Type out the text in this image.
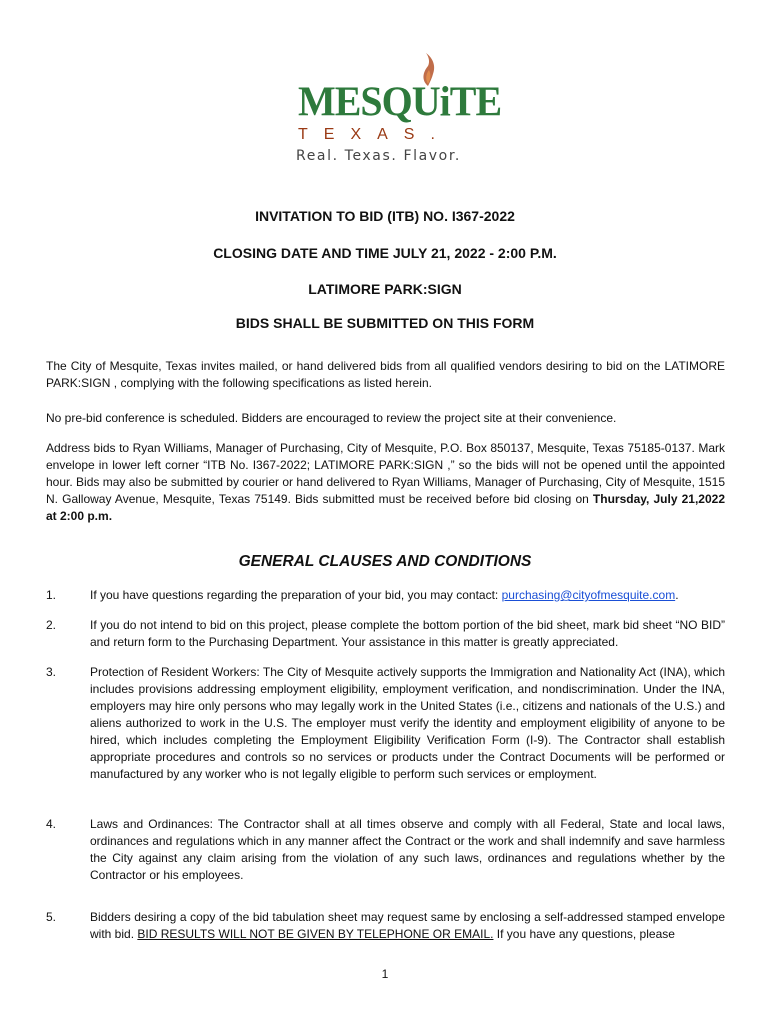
MESQUiTE
TEXAS.
Real. Texas. Flavor.
INVITATION TO BID (ITB) NO. I367-2022
CLOSING DATE AND TIME JULY 21, 2022 - 2:00 P.M.
LATIMORE PARK:SIGN
BIDS SHALL BE SUBMITTED ON THIS FORM
The City of Mesquite, Texas invites mailed, or hand delivered bids from all qualified vendors desiring to bid on the LATIMORE PARK:SIGN , complying with the following specifications as listed herein.
No pre-bid conference is scheduled. Bidders are encouraged to review the project site at their convenience.
Address bids to Ryan Williams, Manager of Purchasing, City of Mesquite, P.O. Box 850137, Mesquite, Texas 75185-0137. Mark envelope in lower left corner “ITB No. I367-2022; LATIMORE PARK:SIGN ,” so the bids will not be opened until the appointed hour. Bids may also be submitted by courier or hand delivered to Ryan Williams, Manager of Purchasing, City of Mesquite, 1515 N. Galloway Avenue, Mesquite, Texas 75149. Bids submitted must be received before bid closing on Thursday, July 21,2022 at 2:00 p.m.
GENERAL CLAUSES AND CONDITIONS
1.	If you have questions regarding the preparation of your bid, you may contact: purchasing@cityofmesquite.com.
2.	If you do not intend to bid on this project, please complete the bottom portion of the bid sheet, mark bid sheet “NO BID” and return form to the Purchasing Department. Your assistance in this matter is greatly appreciated.
3.	Protection of Resident Workers: The City of Mesquite actively supports the Immigration and Nationality Act (INA), which includes provisions addressing employment eligibility, employment verification, and nondiscrimination. Under the INA, employers may hire only persons who may legally work in the United States (i.e., citizens and nationals of the U.S.) and aliens authorized to work in the U.S. The employer must verify the identity and employment eligibility of anyone to be hired, which includes completing the Employment Eligibility Verification Form (I-9). The Contractor shall establish appropriate procedures and controls so no services or products under the Contract Documents will be performed or manufactured by any worker who is not legally eligible to perform such services or employment.
4.	Laws and Ordinances: The Contractor shall at all times observe and comply with all Federal, State and local laws, ordinances and regulations which in any manner affect the Contract or the work and shall indemnify and save harmless the City against any claim arising from the violation of any such laws, ordinances and regulations whether by the Contractor or his employees.
5.	Bidders desiring a copy of the bid tabulation sheet may request same by enclosing a self-addressed stamped envelope with bid. BID RESULTS WILL NOT BE GIVEN BY TELEPHONE OR EMAIL. If you have any questions, please
1
